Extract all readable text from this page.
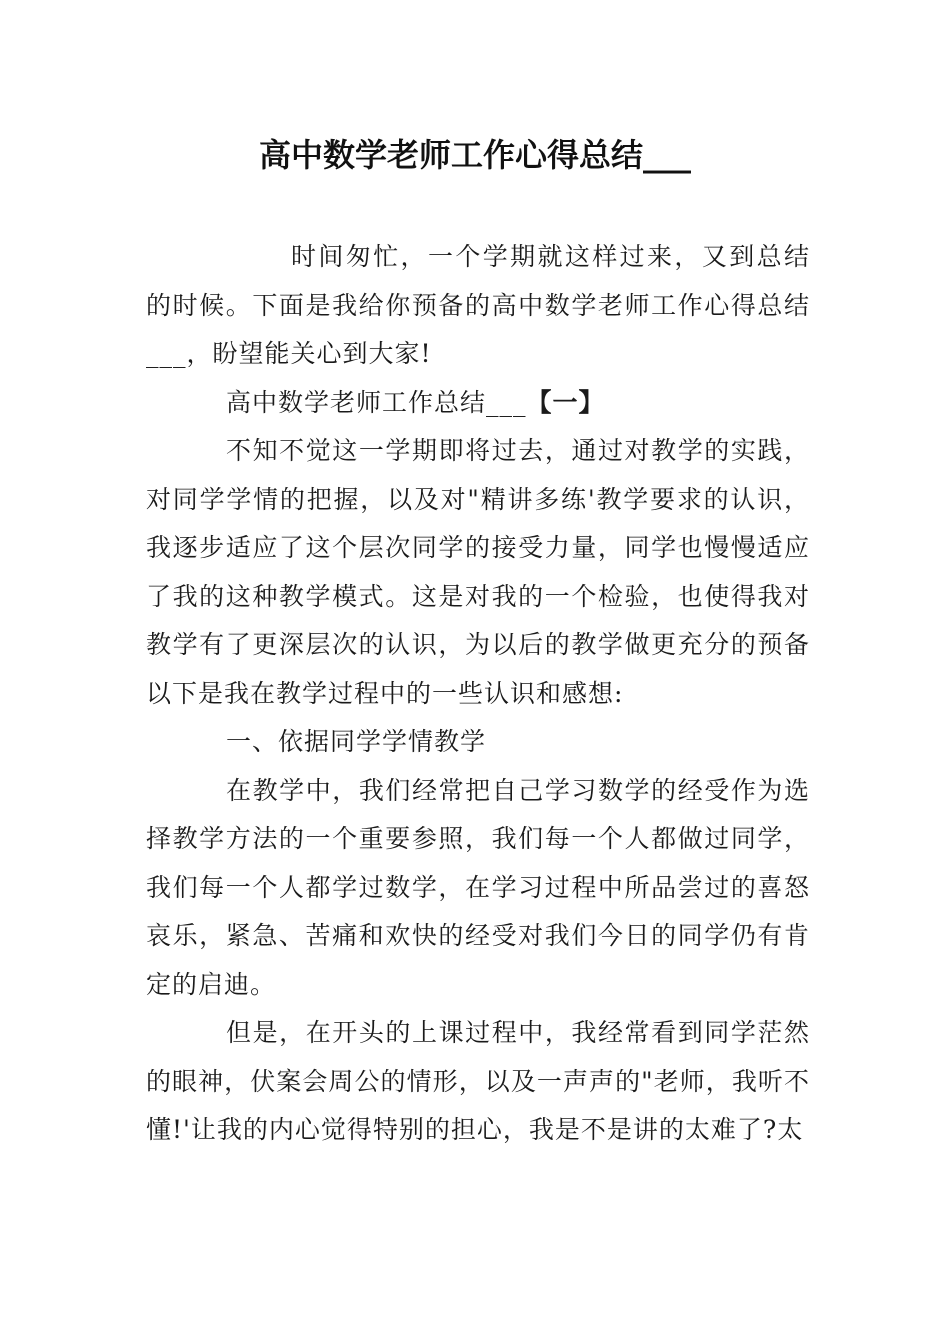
高中数学老师工作心得总结___

时间匆忙，一个学期就这样过来，又到总结的时候。下面是我给你预备的高中数学老师工作心得总结___，盼望能关心到大家!

高中数学老师工作总结___【一】

不知不觉这一学期即将过去，通过对教学的实践，对同学学情的把握，以及对"精讲多练'教学要求的认识，我逐步适应了这个层次同学的接受力量，同学也慢慢适应了我的这种教学模式。这是对我的一个检验，也使得我对教学有了更深层次的认识，为以后的教学做更充分的预备以下是我在教学过程中的一些认识和感想:

一、依据同学学情教学

在教学中，我们经常把自己学习数学的经受作为选择教学方法的一个重要参照，我们每一个人都做过同学，我们每一个人都学过数学，在学习过程中所品尝过的喜怒哀乐，紧急、苦痛和欢快的经受对我们今日的同学仍有肯定的启迪。

但是，在开头的上课过程中，我经常看到同学茫然的眼神，伏案会周公的情形，以及一声声的"老师，我听不懂!'让我的内心觉得特别的担心，我是不是讲的太难了?太
